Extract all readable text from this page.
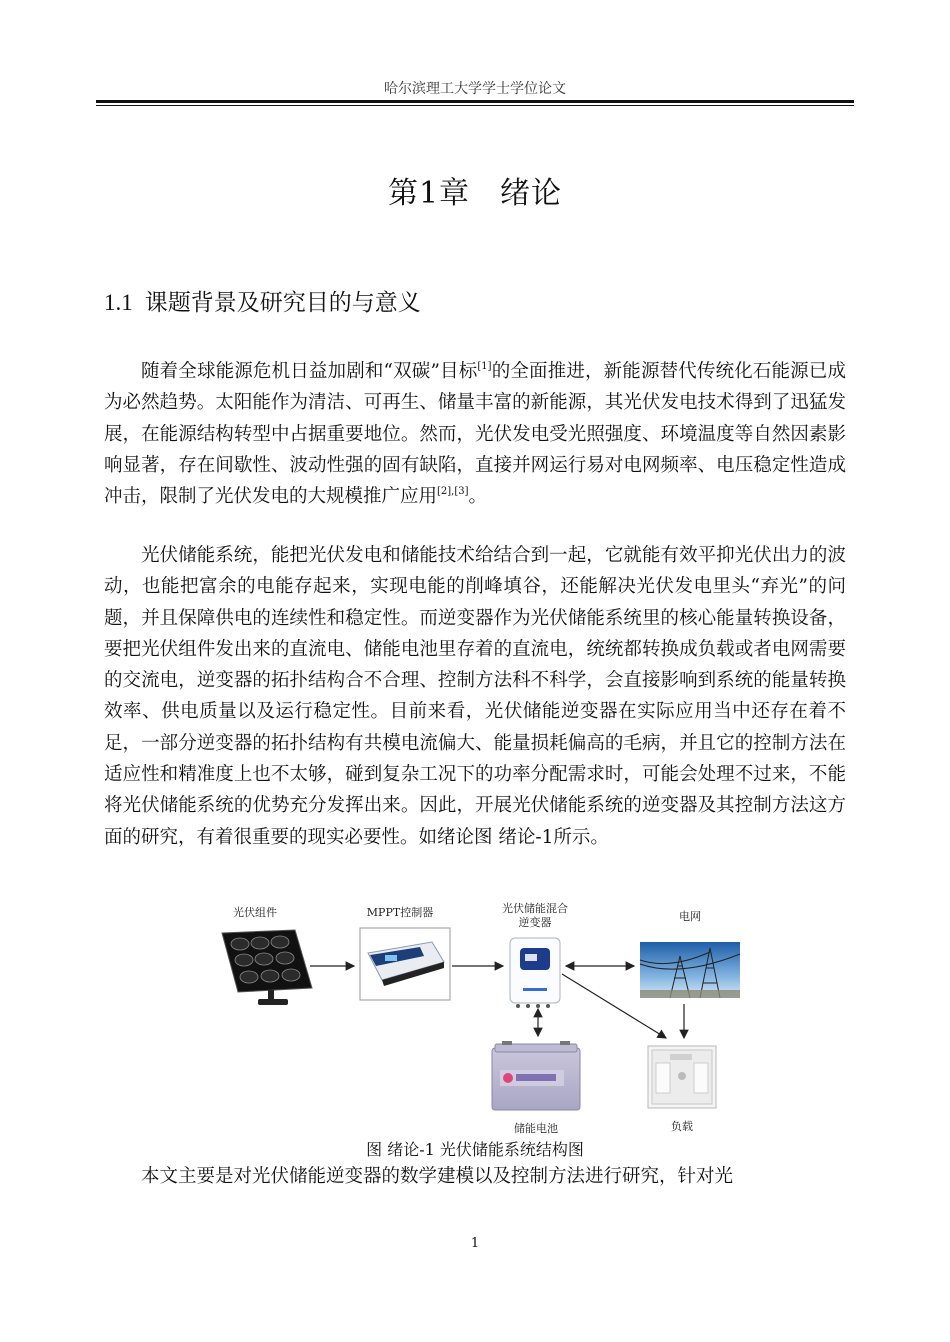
哈尔滨理工大学学士学位论文
第1章 绪论
1.1 课题背景及研究目的与意义

随着全球能源危机日益加剧和“双碳”目标[1]的全面推进，新能源替代传统化石能源已成为必然趋势。太阳能作为清洁、可再生、储量丰富的新能源，其光伏发电技术得到了迅猛发展，在能源结构转型中占据重要地位。然而，光伏发电受光照强度、环境温度等自然因素影响显著，存在间歇性、波动性强的固有缺陷，直接并网运行易对电网频率、电压稳定性造成冲击，限制了光伏发电的大规模推广应用[2],[3]。

光伏储能系统，能把光伏发电和储能技术给结合到一起，它就能有效平抑光伏出力的波动，也能把富余的电能存起来，实现电能的削峰填谷，还能解决光伏发电里头“弃光”的问题，并且保障供电的连续性和稳定性。而逆变器作为光伏储能系统里的核心能量转换设备，要把光伏组件发出来的直流电、储能电池里存着的直流电，统统都转换成负载或者电网需要的交流电，逆变器的拓扑结构合不合理、控制方法科不科学，会直接影响到系统的能量转换效率、供电质量以及运行稳定性。目前来看，光伏储能逆变器在实际应用当中还存在着不足，一部分逆变器的拓扑结构有共模电流偏大、能量损耗偏高的毛病，并且它的控制方法在适应性和精准度上也不太够，碰到复杂工况下的功率分配需求时，可能会处理不过来，不能将光伏储能系统的优势充分发挥出来。因此，开展光伏储能系统的逆变器及其控制方法这方面的研究，有着很重要的现实必要性。如绪论图 绪论-1所示。

光伏组件	MPPT控制器	光伏储能混合
逆变器	电网
储能电池	负载
图 绪论-1 光伏储能系统结构图

本文主要是对光伏储能逆变器的数学建模以及控制方法进行研究，针对光

1
